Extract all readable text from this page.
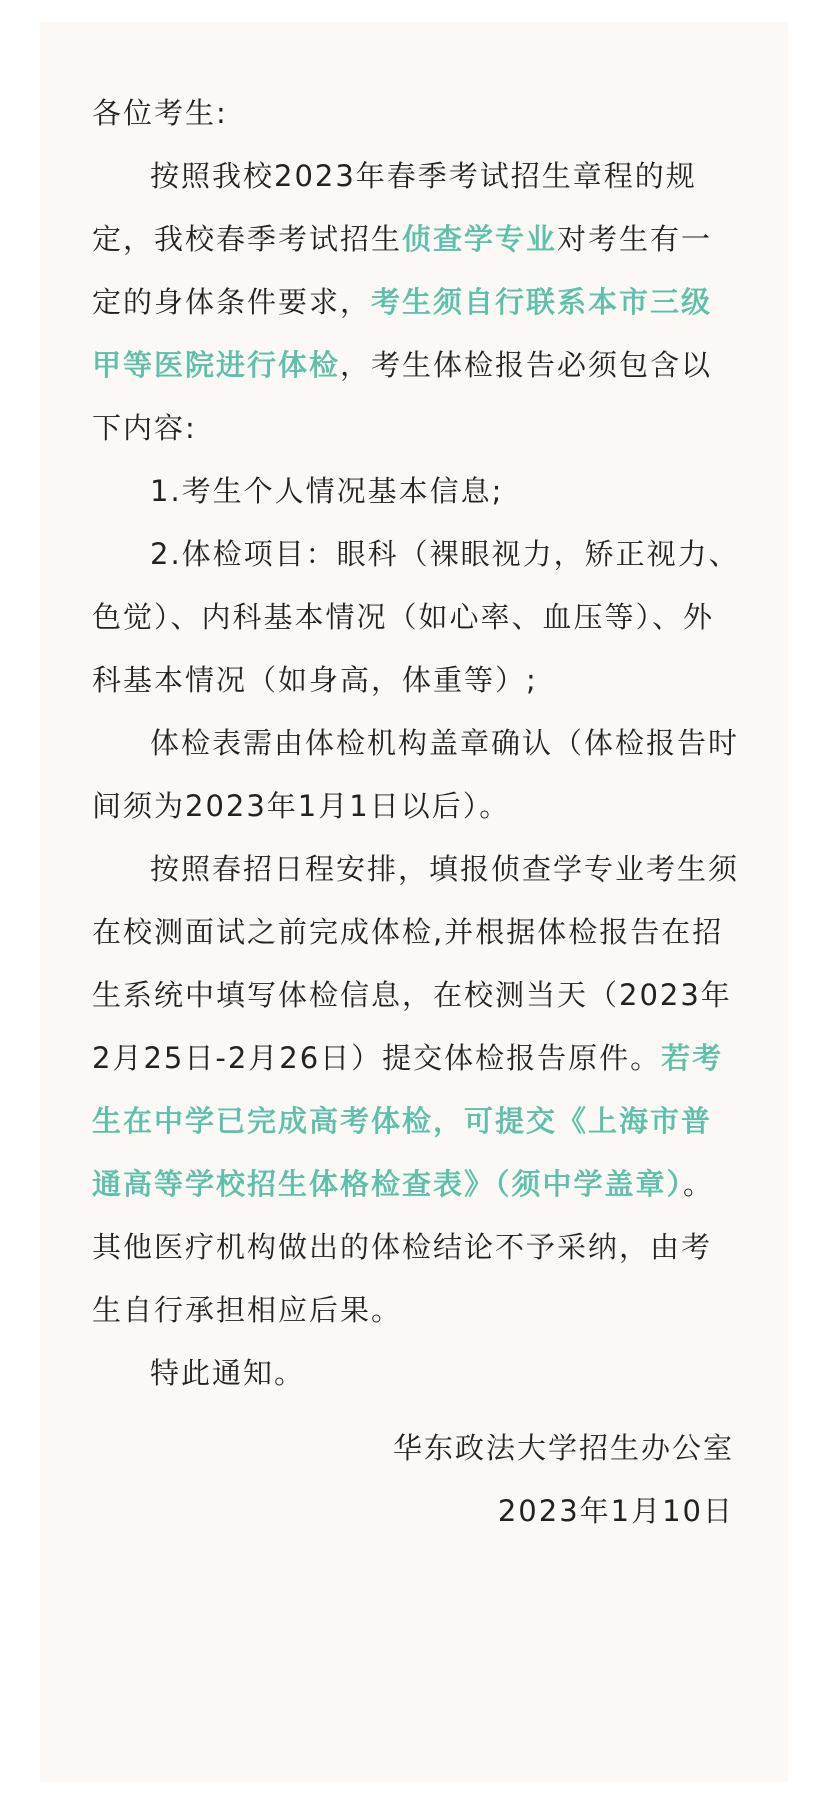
各位考生:

按照我校2023年春季考试招生章程的规定，我校春季考试招生侦查学专业对考生有一定的身体条件要求，考生须自行联系本市三级甲等医院进行体检，考生体检报告必须包含以下内容:

1.考生个人情况基本信息;

2.体检项目：眼科（裸眼视力，矫正视力、色觉）、内科基本情况（如心率、血压等）、外科基本情况（如身高，体重等）;

体检表需由体检机构盖章确认（体检报告时间须为2023年1月1日以后）。

按照春招日程安排，填报侦查学专业考生须在校测面试之前完成体检,并根据体检报告在招生系统中填写体检信息，在校测当天（2023年2月25日-2月26日）提交体检报告原件。若考生在中学已完成高考体检，可提交《上海市普通高等学校招生体格检查表》（须中学盖章）。其他医疗机构做出的体检结论不予采纳，由考生自行承担相应后果。

特此通知。

华东政法大学招生办公室
2023年1月10日
